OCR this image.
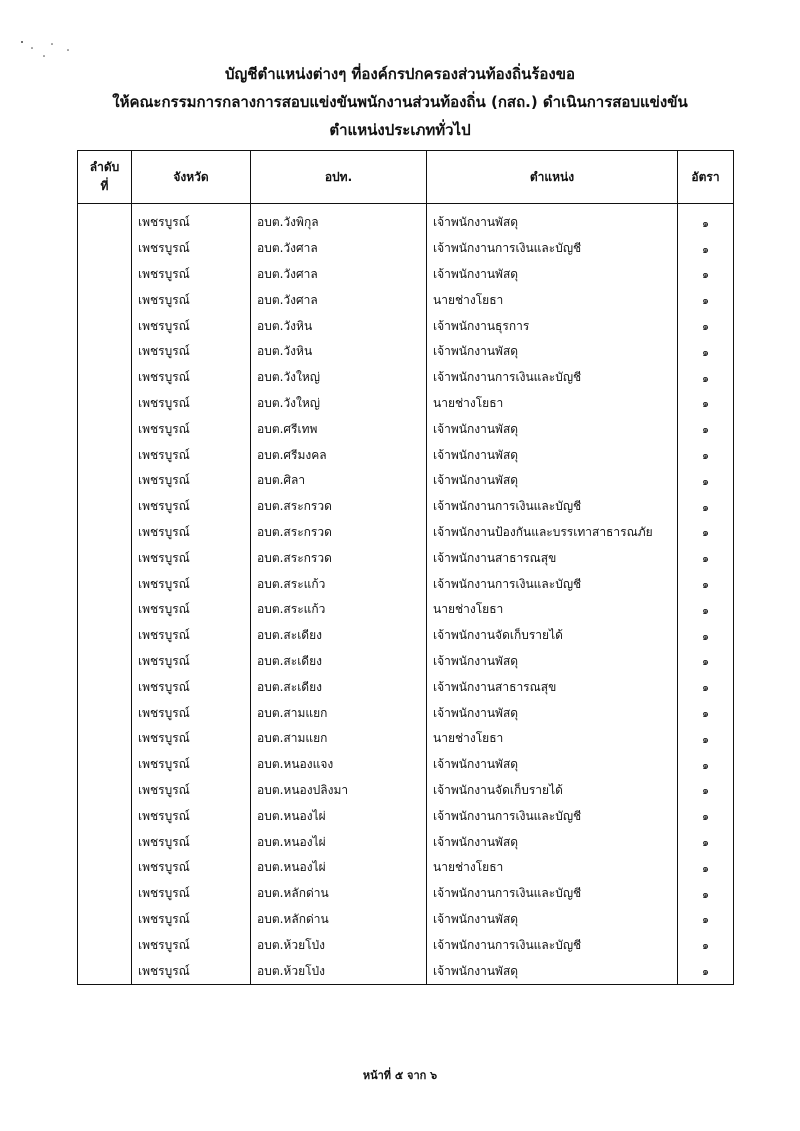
บัญชีตำแหน่งต่างๆ ที่องค์กรปกครองส่วนท้องถิ่นร้องขอ
ให้คณะกรรมการกลางการสอบแข่งขันพนักงานส่วนท้องถิ่น (กสถ.) ดำเนินการสอบแข่งขัน
ตำแหน่งประเภททั่วไป
ลำดับ ที่	จังหวัด	อปท.	ตำแหน่ง	อัตรา
	เพชรบูรณ์	อบต.วังพิกุล	เจ้าพนักงานพัสดุ	๑
	เพชรบูรณ์	อบต.วังศาล	เจ้าพนักงานการเงินและบัญชี	๑
	เพชรบูรณ์	อบต.วังศาล	เจ้าพนักงานพัสดุ	๑
	เพชรบูรณ์	อบต.วังศาล	นายช่างโยธา	๑
	เพชรบูรณ์	อบต.วังหิน	เจ้าพนักงานธุรการ	๑
	เพชรบูรณ์	อบต.วังหิน	เจ้าพนักงานพัสดุ	๑
	เพชรบูรณ์	อบต.วังใหญ่	เจ้าพนักงานการเงินและบัญชี	๑
	เพชรบูรณ์	อบต.วังใหญ่	นายช่างโยธา	๑
	เพชรบูรณ์	อบต.ศรีเทพ	เจ้าพนักงานพัสดุ	๑
	เพชรบูรณ์	อบต.ศรีมงคล	เจ้าพนักงานพัสดุ	๑
	เพชรบูรณ์	อบต.ศิลา	เจ้าพนักงานพัสดุ	๑
	เพชรบูรณ์	อบต.สระกรวด	เจ้าพนักงานการเงินและบัญชี	๑
	เพชรบูรณ์	อบต.สระกรวด	เจ้าพนักงานป้องกันและบรรเทาสาธารณภัย	๑
	เพชรบูรณ์	อบต.สระกรวด	เจ้าพนักงานสาธารณสุข	๑
	เพชรบูรณ์	อบต.สระแก้ว	เจ้าพนักงานการเงินและบัญชี	๑
	เพชรบูรณ์	อบต.สระแก้ว	นายช่างโยธา	๑
	เพชรบูรณ์	อบต.สะเดียง	เจ้าพนักงานจัดเก็บรายได้	๑
	เพชรบูรณ์	อบต.สะเดียง	เจ้าพนักงานพัสดุ	๑
	เพชรบูรณ์	อบต.สะเดียง	เจ้าพนักงานสาธารณสุข	๑
	เพชรบูรณ์	อบต.สามแยก	เจ้าพนักงานพัสดุ	๑
	เพชรบูรณ์	อบต.สามแยก	นายช่างโยธา	๑
	เพชรบูรณ์	อบต.หนองแจง	เจ้าพนักงานพัสดุ	๑
	เพชรบูรณ์	อบต.หนองปลิงมา	เจ้าพนักงานจัดเก็บรายได้	๑
	เพชรบูรณ์	อบต.หนองไผ่	เจ้าพนักงานการเงินและบัญชี	๑
	เพชรบูรณ์	อบต.หนองไผ่	เจ้าพนักงานพัสดุ	๑
	เพชรบูรณ์	อบต.หนองไผ่	นายช่างโยธา	๑
	เพชรบูรณ์	อบต.หลักด่าน	เจ้าพนักงานการเงินและบัญชี	๑
	เพชรบูรณ์	อบต.หลักด่าน	เจ้าพนักงานพัสดุ	๑
	เพชรบูรณ์	อบต.ห้วยโป่ง	เจ้าพนักงานการเงินและบัญชี	๑
	เพชรบูรณ์	อบต.ห้วยโป่ง	เจ้าพนักงานพัสดุ	๑
หน้าที่ ๕ จาก ๖
